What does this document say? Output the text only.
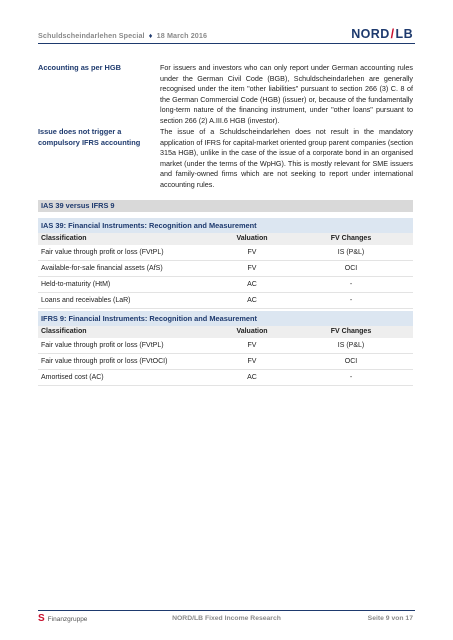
Schuldscheindarlehen Special ♦ 18 March 2016	NORD/LB
Accounting as per HGB	For issuers and investors who can only report under German accounting rules under the German Civil Code (BGB), Schuldscheindarlehen are generally recognised under the item "other liabilities" pursuant to section 266 (3) C. 8 of the German Commercial Code (HGB) (issuer) or, because of the fundamentally long-term nature of the financing instrument, under "other loans" pursuant to section 266 (2) A.III.6 HGB (investor).
Issue does not trigger a compulsory IFRS accounting
The issue of a Schuldscheindarlehen does not result in the mandatory application of IFRS for capital-market oriented group parent companies (section 315a HGB), unlike in the case of the issue of a corporate bond in an organised market (under the terms of the WpHG). This is mostly relevant for SME issuers and family-owned firms which are not seeking to report under international accounting rules.
IAS 39 versus IFRS 9
IAS 39: Financial Instruments: Recognition and Measurement
Classification	Valuation	FV Changes
Fair value through profit or loss (FVtPL)	FV	IS (P&L)
Available-for-sale financial assets (AfS)	FV	OCI
Held-to-maturity (HtM)	AC	-
Loans and receivables (LaR)	AC	-
IFRS 9: Financial Instruments: Recognition and Measurement
Classification	Valuation	FV Changes
Fair value through profit or loss (FVtPL)	FV	IS (P&L)
Fair value through profit or loss (FVtOCI)	FV	OCI
Amortised cost (AC)	AC	-
S Finanzgruppe	NORD/LB Fixed Income Research	Seite 9 von 17
